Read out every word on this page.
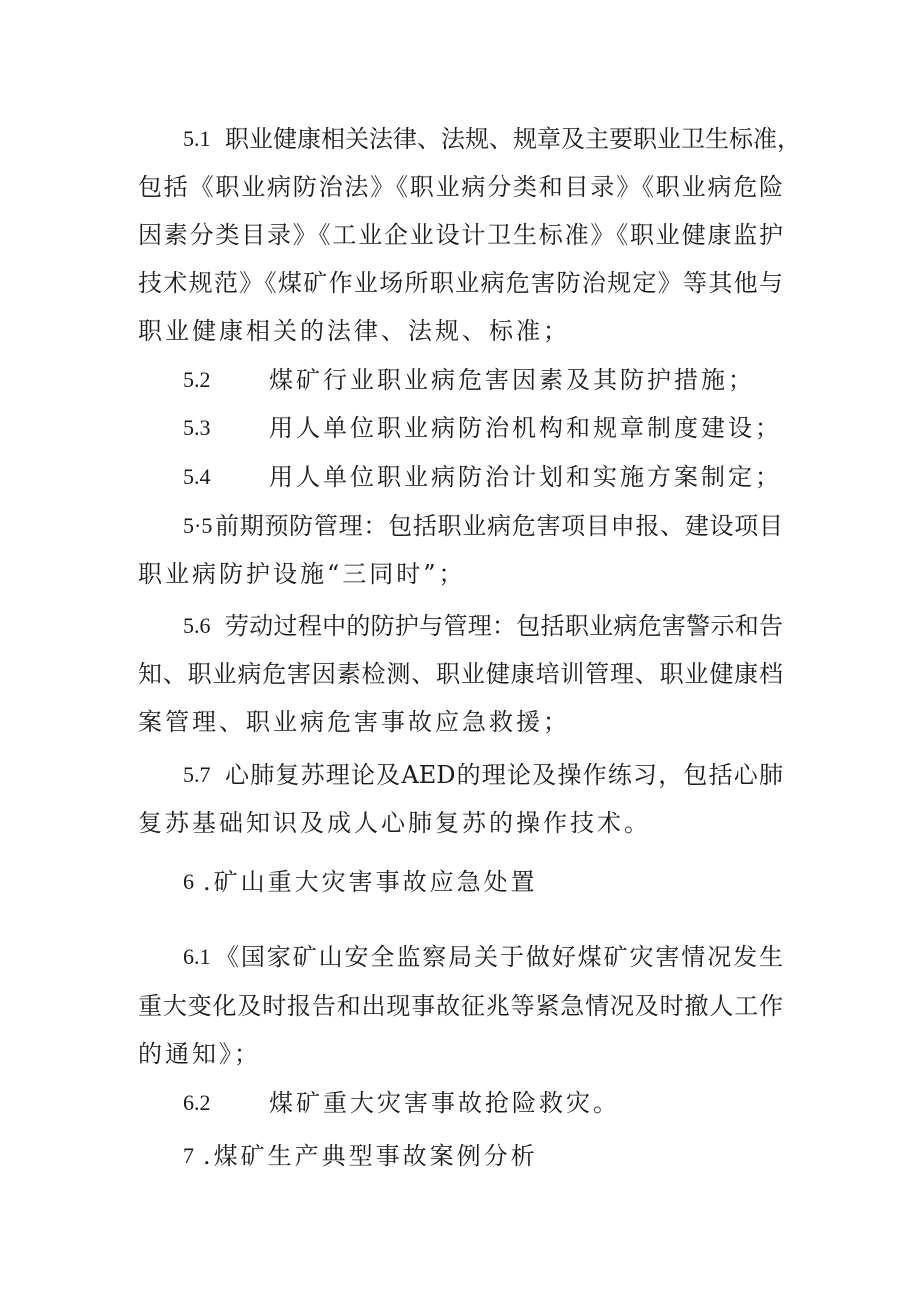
5.1 职业健康相关法律、法规、规章及主要职业卫生标准，
包括《职业病防治法》《职业病分类和目录》《职业病危险
因素分类目录》《工业企业设计卫生标准》《职业健康监护
技术规范》《煤矿作业场所职业病危害防治规定》等其他与
职业健康相关的法律、法规、标准；
5.2 煤矿行业职业病危害因素及其防护措施；
5.3 用人单位职业病防治机构和规章制度建设；
5.4 用人单位职业病防治计划和实施方案制定；
5·5 前期预防管理：包括职业病危害项目申报、建设项目
职业病防护设施“三同时”；
5.6 劳动过程中的防护与管理：包括职业病危害警示和告
知、职业病危害因素检测、职业健康培训管理、职业健康档
案管理、职业病危害事故应急救援；
5.7 心肺复苏理论及AED的理论及操作练习，包括心肺
复苏基础知识及成人心肺复苏的操作技术。
6 .矿山重大灾害事故应急处置
6.1 《国家矿山安全监察局关于做好煤矿灾害情况发生
重大变化及时报告和出现事故征兆等紧急情况及时撤人工作
的通知》；
6.2 煤矿重大灾害事故抢险救灾。
7 .煤矿生产典型事故案例分析
